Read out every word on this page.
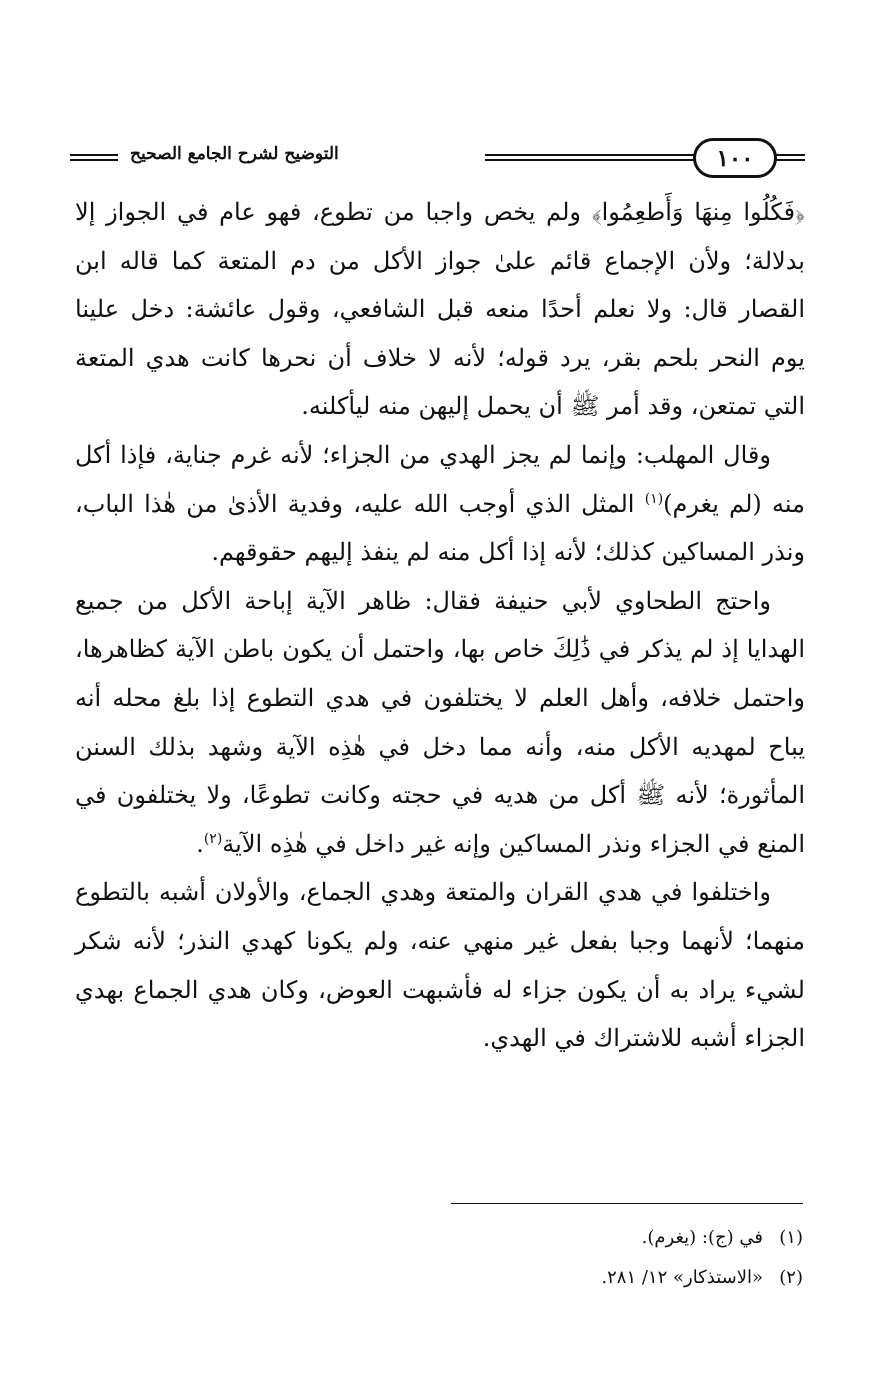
١٠٠
التوضيح لشرح الجامع الصحيح

﴿فَكُلُوا مِنهَا وَأَطعِمُوا﴾ ولم يخص واجبا من تطوع، فهو عام في الجواز إلا بدلالة؛ ولأن الإجماع قائم علىٰ جواز الأكل من دم المتعة كما قاله ابن القصار قال: ولا نعلم أحدًا منعه قبل الشافعي، وقول عائشة: دخل علينا يوم النحر بلحم بقر، يرد قوله؛ لأنه لا خلاف أن نحرها كانت هدي المتعة التي تمتعن، وقد أمر ﷺ أن يحمل إليهن منه ليأكلنه.

وقال المهلب: وإنما لم يجز الهدي من الجزاء؛ لأنه غرم جناية، فإذا أكل منه (لم يغرم)$^{(١)}$ المثل الذي أوجب الله عليه، وفدية الأذىٰ من هٰذا الباب، ونذر المساكين كذلك؛ لأنه إذا أكل منه لم ينفذ إليهم حقوقهم.

واحتج الطحاوي لأبي حنيفة فقال: ظاهر الآية إباحة الأكل من جميع الهدايا إذ لم يذكر في ذَٰلِكَ خاص بها، واحتمل أن يكون باطن الآية كظاهرها، واحتمل خلافه، وأهل العلم لا يختلفون في هدي التطوع إذا بلغ محله أنه يباح لمهديه الأكل منه، وأنه مما دخل في هٰذِه الآية وشهد بذلك السنن المأثورة؛ لأنه ﷺ أكل من هديه في حجته وكانت تطوعًا، ولا يختلفون في المنع في الجزاء ونذر المساكين وإنه غير داخل في هٰذِه الآية$^{(٢)}$.

واختلفوا في هدي القران والمتعة وهدي الجماع، والأولان أشبه بالتطوع منهما؛ لأنهما وجبا بفعل غير منهي عنه، ولم يكونا كهدي النذر؛ لأنه شكر لشيء يراد به أن يكون جزاء له فأشبهت العوض، وكان هدي الجماع بهدي الجزاء أشبه للاشتراك في الهدي.

(١)في (ج): (يغرم).

(٢)«الاستذكار» ١٢/ ٢٨١.
